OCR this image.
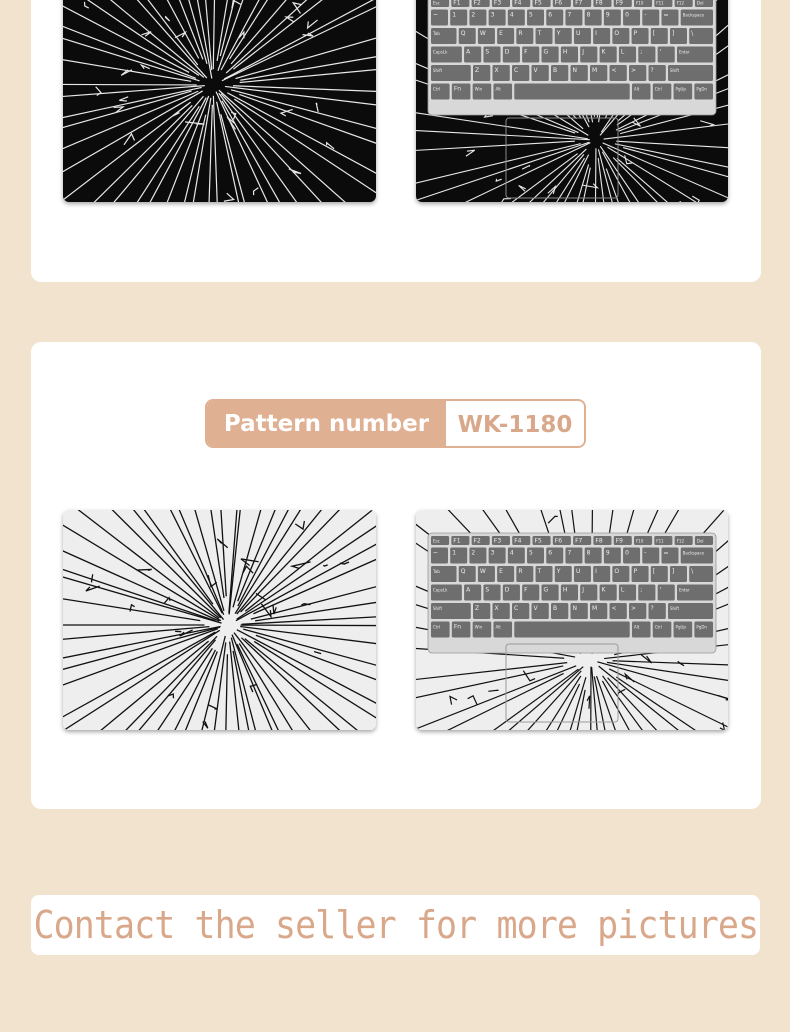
Esc F1 F2 F3 F4 F5 F6 F7 F8 F9	F10	F11	F12	Del
~ 1	2	3	4	5	6	7	8	9	0	-	=	Backspace
Tab	Q W E	R	T	Y	U I	O P	[	]	\
CapsLk	A	S	D F	G H J	K	L	;	'	Enter
Shift	Z	X	C	V	B	N	M < > ?	Shift
Ctrl Fn	Win	Alt	Alt	Ctrl	PgUp	PgDn
Pattern number	WK-1180
Esc F1 F2 F3 F4 F5 F6 F7 F8 F9	F10	F11	F12	Del
~ 1	2	3	4	5	6	7	8	9	0	-	=	Backspace
Tab	Q W E	R	T	Y	U I	O P	[	]	\
CapsLk	A	S	D F	G H J	K	L	;	'	Enter
Shift	Z	X	C	V	B	N	M < > ?	Shift
Ctrl Fn	Win	Alt	Alt	Ctrl	PgUp	PgDn
Contact the seller for more pictures
